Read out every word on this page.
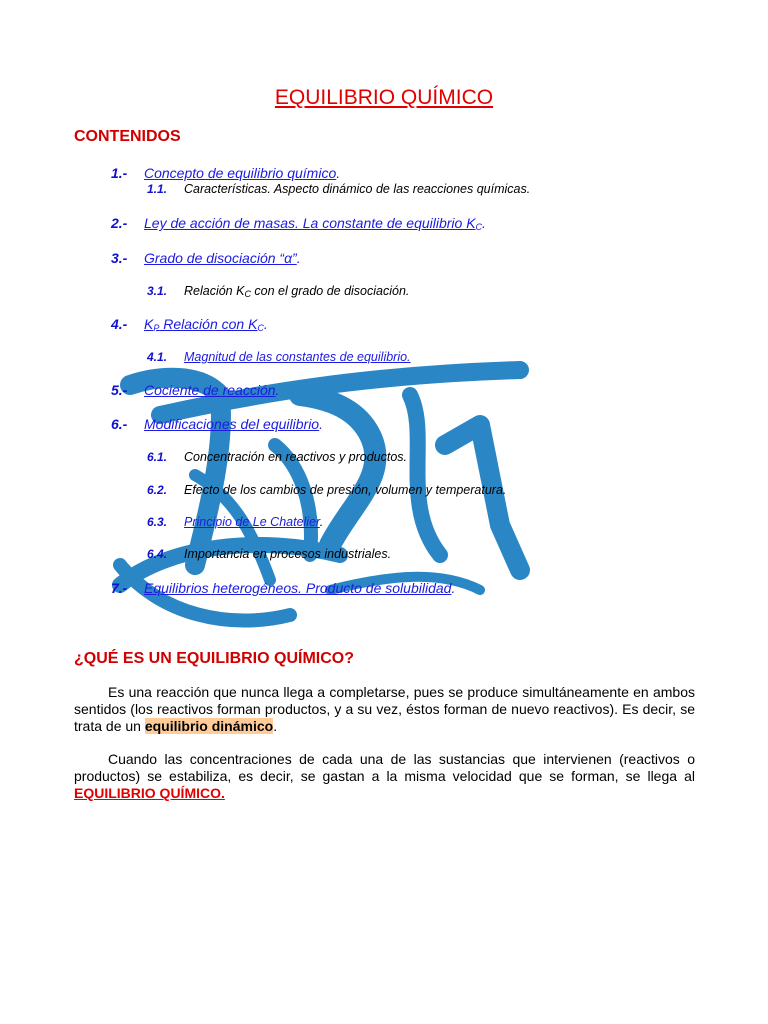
EQUILIBRIO QUÍMICO
CONTENIDOS
1.- Concepto de equilibrio químico.
1.1. Características. Aspecto dinámico de las reacciones químicas.
2.- Ley de acción de masas. La constante de equilibrio $K_C$.
3.- Grado de disociación “α”.
3.1. Relación $K_C$ con el grado de disociación.
4.- $K_P$ Relación con $K_C$.
4.1. Magnitud de las constantes de equilibrio.
5.- Cociente de reacción.
6.- Modificaciones del equilibrio.
6.1. Concentración en reactivos y productos.
6.2. Efecto de los cambios de presión, volumen y temperatura.
6.3. Principio de Le Chatelier.
6.4. Importancia en procesos industriales.
7.- Equilibrios heterogéneos. Producto de solubilidad.
¿QUÉ ES UN EQUILIBRIO QUÍMICO?

Es una reacción que nunca llega a completarse, pues se produce simultáneamente en ambos sentidos (los reactivos forman productos, y a su vez, éstos forman de nuevo reactivos). Es decir, se trata de un equilibrio dinámico.

Cuando las concentraciones de cada una de las sustancias que intervienen (reactivos o productos) se estabiliza, es decir, se gastan a la misma velocidad que se forman, se llega al EQUILIBRIO QUÍMICO.
